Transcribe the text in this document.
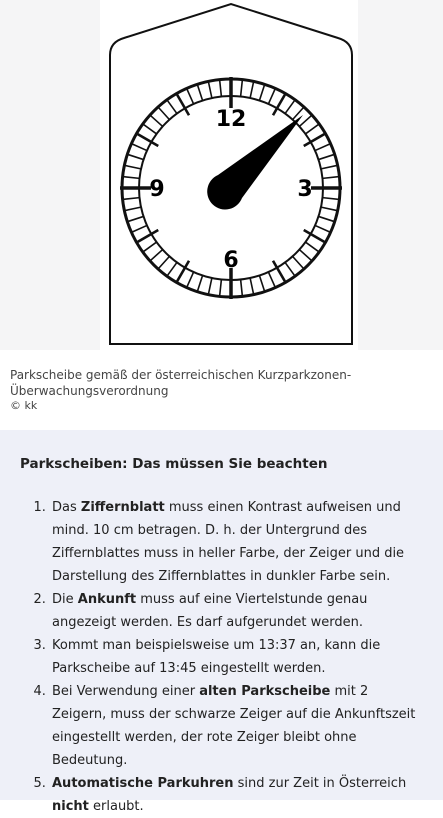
12
3
6
9
Parkscheibe gemäß der österreichischen Kurzparkzonen-Überwachungsverordnung
© kk
Parkscheiben: Das müssen Sie beachten
1. Das Ziffernblatt muss einen Kontrast aufweisen und mind. 10 cm betragen. D. h. der Untergrund des Ziffernblattes muss in heller Farbe, der Zeiger und die Darstellung des Ziffernblattes in dunkler Farbe sein.
2. Die Ankunft muss auf eine Viertelstunde genau angezeigt werden. Es darf aufgerundet werden.
3. Kommt man beispielsweise um 13:37 an, kann die Parkscheibe auf 13:45 eingestellt werden.
4. Bei Verwendung einer alten Parkscheibe mit 2 Zeigern, muss der schwarze Zeiger auf die Ankunftszeit eingestellt werden, der rote Zeiger bleibt ohne Bedeutung.
5. Automatische Parkuhren sind zur Zeit in Österreich nicht erlaubt.
